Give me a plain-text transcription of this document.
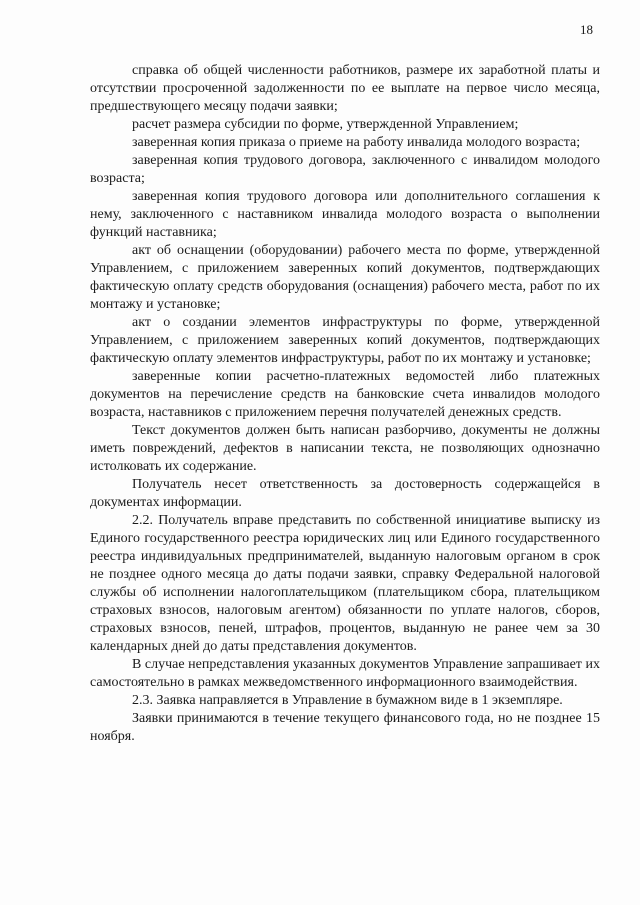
18

справка об общей численности работников, размере их заработной платы и отсутствии просроченной задолженности по ее выплате на первое число месяца, предшествующего месяцу подачи заявки;

расчет размера субсидии по форме, утвержденной Управлением;

заверенная копия приказа о приеме на работу инвалида молодого возраста;

заверенная копия трудового договора, заключенного с инвалидом молодого возраста;

заверенная копия трудового договора или дополнительного соглашения к нему, заключенного с наставником инвалида молодого возраста о выполнении функций наставника;

акт об оснащении (оборудовании) рабочего места по форме, утвержденной Управлением, с приложением заверенных копий документов, подтверждающих фактическую оплату средств оборудования (оснащения) рабочего места, работ по их монтажу и установке;

акт о создании элементов инфраструктуры по форме, утвержденной Управлением, с приложением заверенных копий документов, подтверждающих фактическую оплату элементов инфраструктуры, работ по их монтажу и установке;

заверенные копии расчетно-платежных ведомостей либо платежных документов на перечисление средств на банковские счета инвалидов молодого возраста, наставников с приложением перечня получателей денежных средств.

Текст документов должен быть написан разборчиво, документы не должны иметь повреждений, дефектов в написании текста, не позволяющих однозначно истолковать их содержание.

Получатель несет ответственность за достоверность содержащейся в документах информации.

2.2. Получатель вправе представить по собственной инициативе выписку из Единого государственного реестра юридических лиц или Единого государственного реестра индивидуальных предпринимателей, выданную налоговым органом в срок не позднее одного месяца до даты подачи заявки, справку Федеральной налоговой службы об исполнении налогоплательщиком (плательщиком сбора, плательщиком страховых взносов, налоговым агентом) обязанности по уплате налогов, сборов, страховых взносов, пеней, штрафов, процентов, выданную не ранее чем за 30 календарных дней до даты представления документов.

В случае непредставления указанных документов Управление запрашивает их самостоятельно в рамках межведомственного информационного взаимодействия.

2.3. Заявка направляется в Управление в бумажном виде в 1 экземпляре.

Заявки принимаются в течение текущего финансового года, но не позднее 15 ноября.
